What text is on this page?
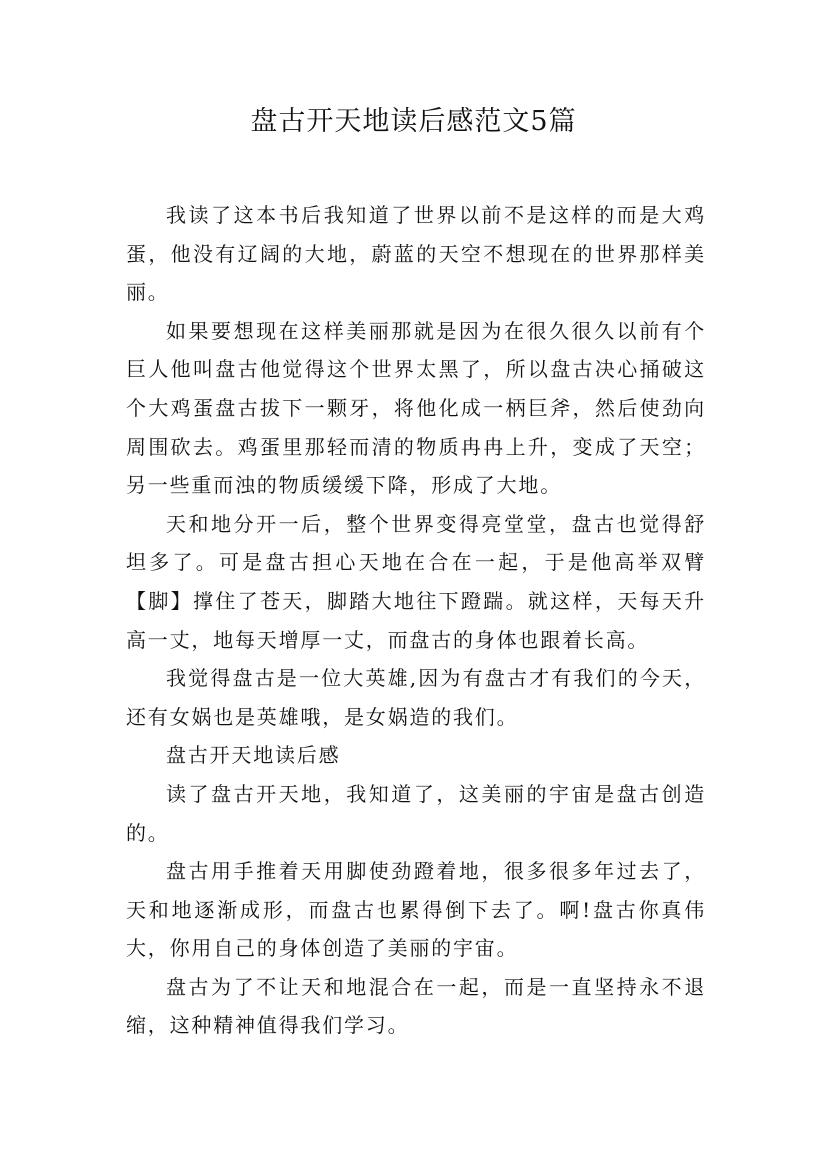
盘古开天地读后感范文5篇

我读了这本书后我知道了世界以前不是这样的而是大鸡蛋，他没有辽阔的大地，蔚蓝的天空不想现在的世界那样美丽。

如果要想现在这样美丽那就是因为在很久很久以前有个巨人他叫盘古他觉得这个世界太黑了，所以盘古决心捅破这个大鸡蛋盘古拔下一颗牙，将他化成一柄巨斧，然后使劲向周围砍去。鸡蛋里那轻而清的物质冉冉上升，变成了天空；另一些重而浊的物质缓缓下降，形成了大地。

天和地分开一后，整个世界变得亮堂堂，盘古也觉得舒坦多了。可是盘古担心天地在合在一起，于是他高举双臂【脚】撑住了苍天，脚踏大地往下蹬踹。就这样，天每天升高一丈，地每天增厚一丈，而盘古的身体也跟着长高。

我觉得盘古是一位大英雄,因为有盘古才有我们的今天，还有女娲也是英雄哦，是女娲造的我们。

盘古开天地读后感

读了盘古开天地，我知道了，这美丽的宇宙是盘古创造的。

盘古用手推着天用脚使劲蹬着地，很多很多年过去了，天和地逐渐成形，而盘古也累得倒下去了。啊!盘古你真伟大，你用自己的身体创造了美丽的宇宙。

盘古为了不让天和地混合在一起，而是一直坚持永不退缩，这种精神值得我们学习。
